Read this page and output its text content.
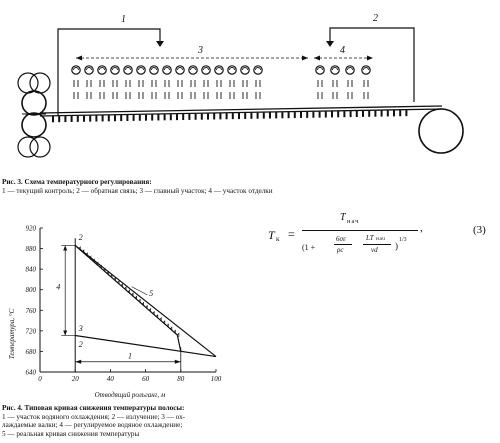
1	2
3	4
Рис. 3. Схема температурного регулирования:
1 — текущий контроль; 2 — обратная связь; 3 — главный участок; 4 — участок отделки
640
680
720
760
800
840
880
920
0	20	40	60	80	100
1
2
3
4
5
2
Температура, °С
Отводящий рольганг, м
Рис. 4. Типовая кривая снижения температуры полосы:
1 — участок водяного охлаждения; 2 — излучение; 3 — ох-
лаждаемые валки; 4 — регулируемое водяное охлаждение;
5 — реальная кривая снижения температуры
T к =
T нач
(1 +
6σε
ρc
LT нач
vd )
1/3
,	(3)
